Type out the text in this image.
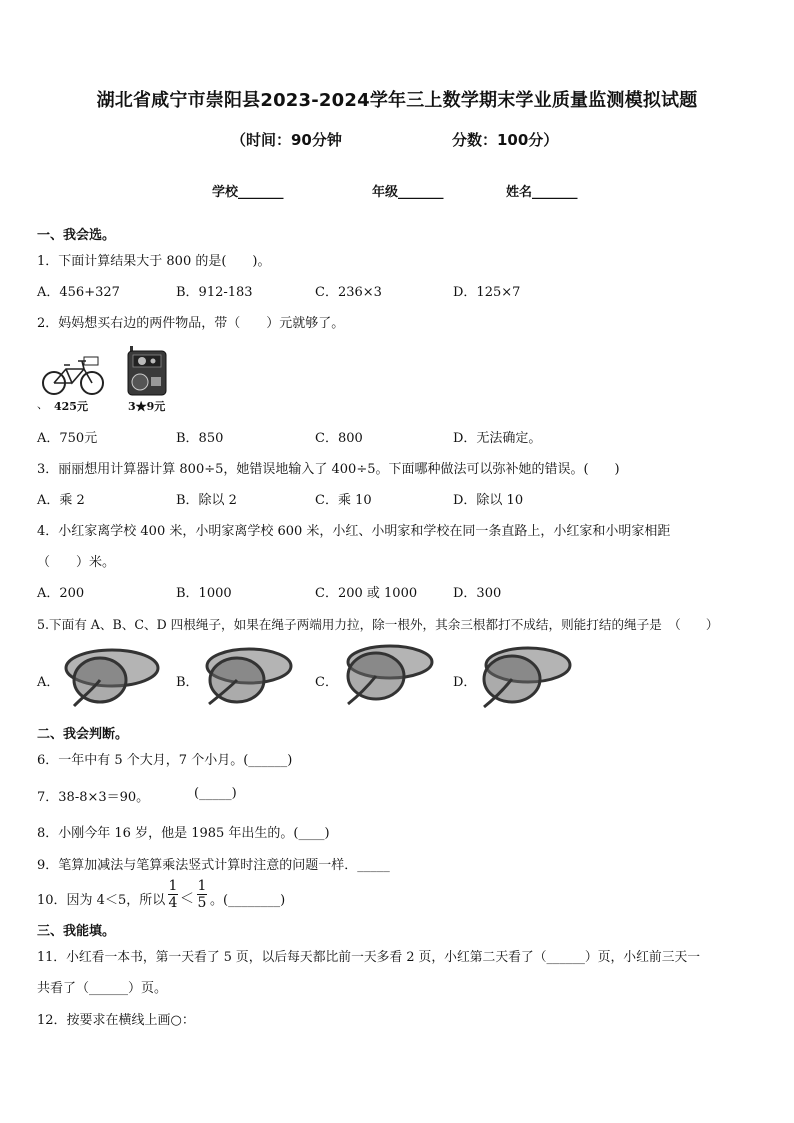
湖北省咸宁市崇阳县2023-2024学年三上数学期末学业质量监测模拟试题
（时间：90分钟	分数：100分）
学校_______	年级_______	姓名_______
一、我会选。
1．下面计算结果大于 800 的是(　　)。
A．456+327	B．912-183	C．236×3	D．125×7
2．妈妈想买右边的两件物品，带（　　）元就够了。
、 425元	3★9元
A．750元	B．850	C．800	D．无法确定。
3．丽丽想用计算器计算 800÷5，她错误地输入了 400÷5。下面哪种做法可以弥补她的错误。(　　)
A．乘 2	B．除以 2	C．乘 10	D．除以 10
4．小红家离学校 400 米，小明家离学校 600 米，小红、小明家和学校在同一条直路上，小红家和小明家相距
（　　）米。
A．200	B．1000	C．200 或 1000	D．300
5.下面有 A、B、C、D 四根绳子，如果在绳子两端用力拉，除一根外，其余三根都打不成结，则能打结的绳子是　（　　）
A．	B．	C．	D．
二、我会判断。
6．一年中有 5 个大月，7 个小月。(______)
7．38-8×3＝90。	(_____)
8．小刚今年 16 岁，他是 1985 年出生的。(____)
9．笔算加减法与笔算乘法竖式计算时注意的问题一样．_____
10．因为 4＜5，所以
1
4 ＜
1
5 。(________)
三、我能填。
11．小红看一本书，第一天看了 5 页，以后每天都比前一天多看 2 页，小红第二天看了（______）页，小红前三天一
共看了（______）页。
12．按要求在横线上画○：
